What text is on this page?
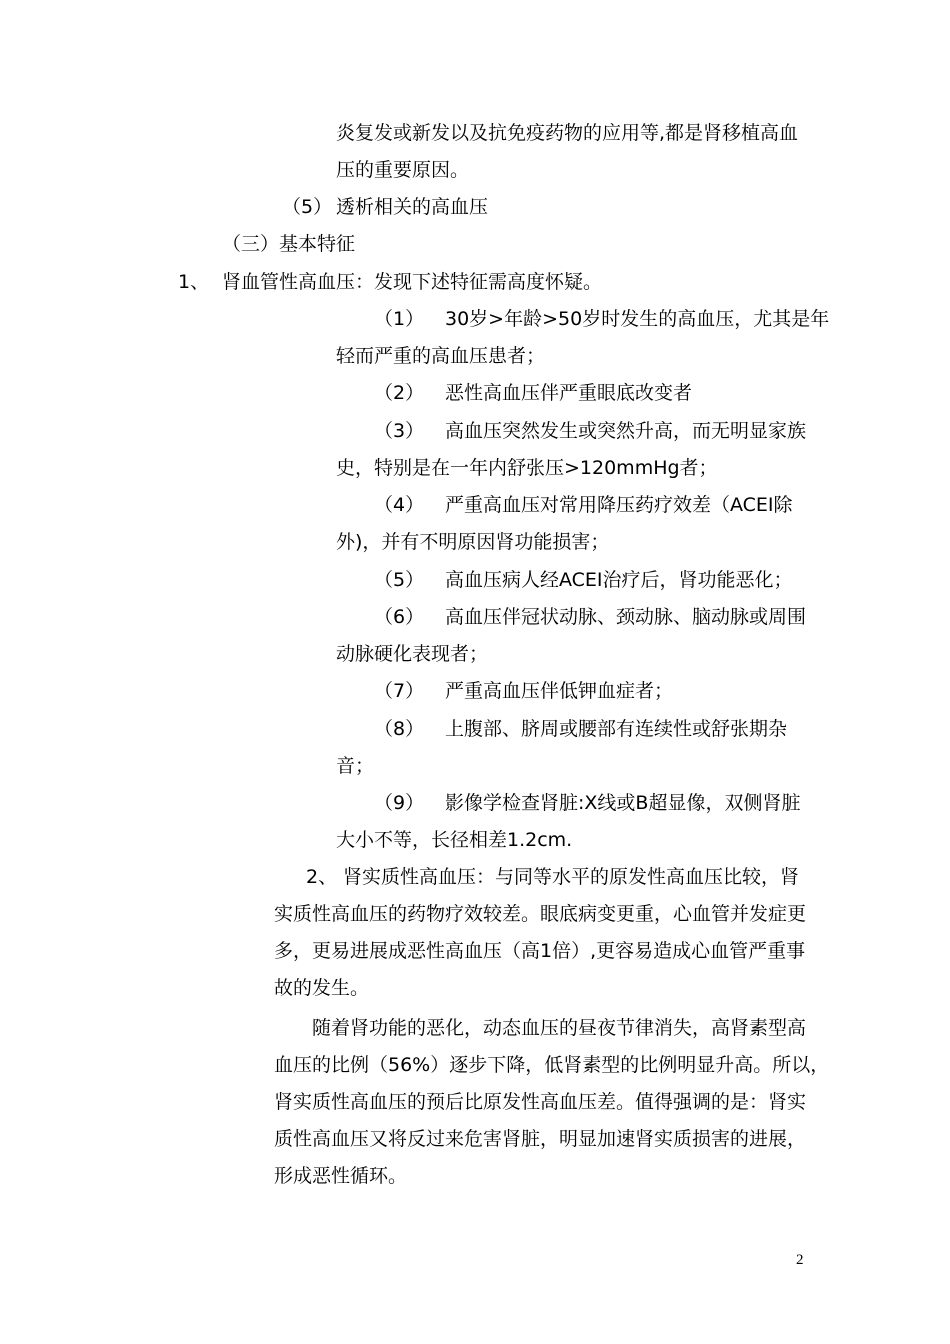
炎复发或新发以及抗免疫药物的应用等,都是肾移植高血
压的重要原因。
（5） 透析相关的高血压
（三）基本特征
1、 肾血管性高血压：发现下述特征需高度怀疑。
（1） 30岁>年龄>50岁时发生的高血压，尤其是年
轻而严重的高血压患者；
（2） 恶性高血压伴严重眼底改变者
（3） 高血压突然发生或突然升高，而无明显家族
史，特别是在一年内舒张压>120mmHg者；
（4） 严重高血压对常用降压药疗效差（ACEI除
外)，并有不明原因肾功能损害；
（5） 高血压病人经ACEI治疗后，肾功能恶化；
（6） 高血压伴冠状动脉、颈动脉、脑动脉或周围
动脉硬化表现者；
（7） 严重高血压伴低钾血症者；
（8） 上腹部、脐周或腰部有连续性或舒张期杂
音；
（9） 影像学检查肾脏:X线或B超显像，双侧肾脏
大小不等，长径相差1.2cm.
2、 肾实质性高血压：与同等水平的原发性高血压比较，肾
实质性高血压的药物疗效较差。眼底病变更重，心血管并发症更
多，更易进展成恶性高血压（高1倍）,更容易造成心血管严重事
故的发生。
随着肾功能的恶化，动态血压的昼夜节律消失，高肾素型高
血压的比例（56%）逐步下降，低肾素型的比例明显升高。所以，
肾实质性高血压的预后比原发性高血压差。值得强调的是：肾实
质性高血压又将反过来危害肾脏，明显加速肾实质损害的进展，
形成恶性循环。
2
